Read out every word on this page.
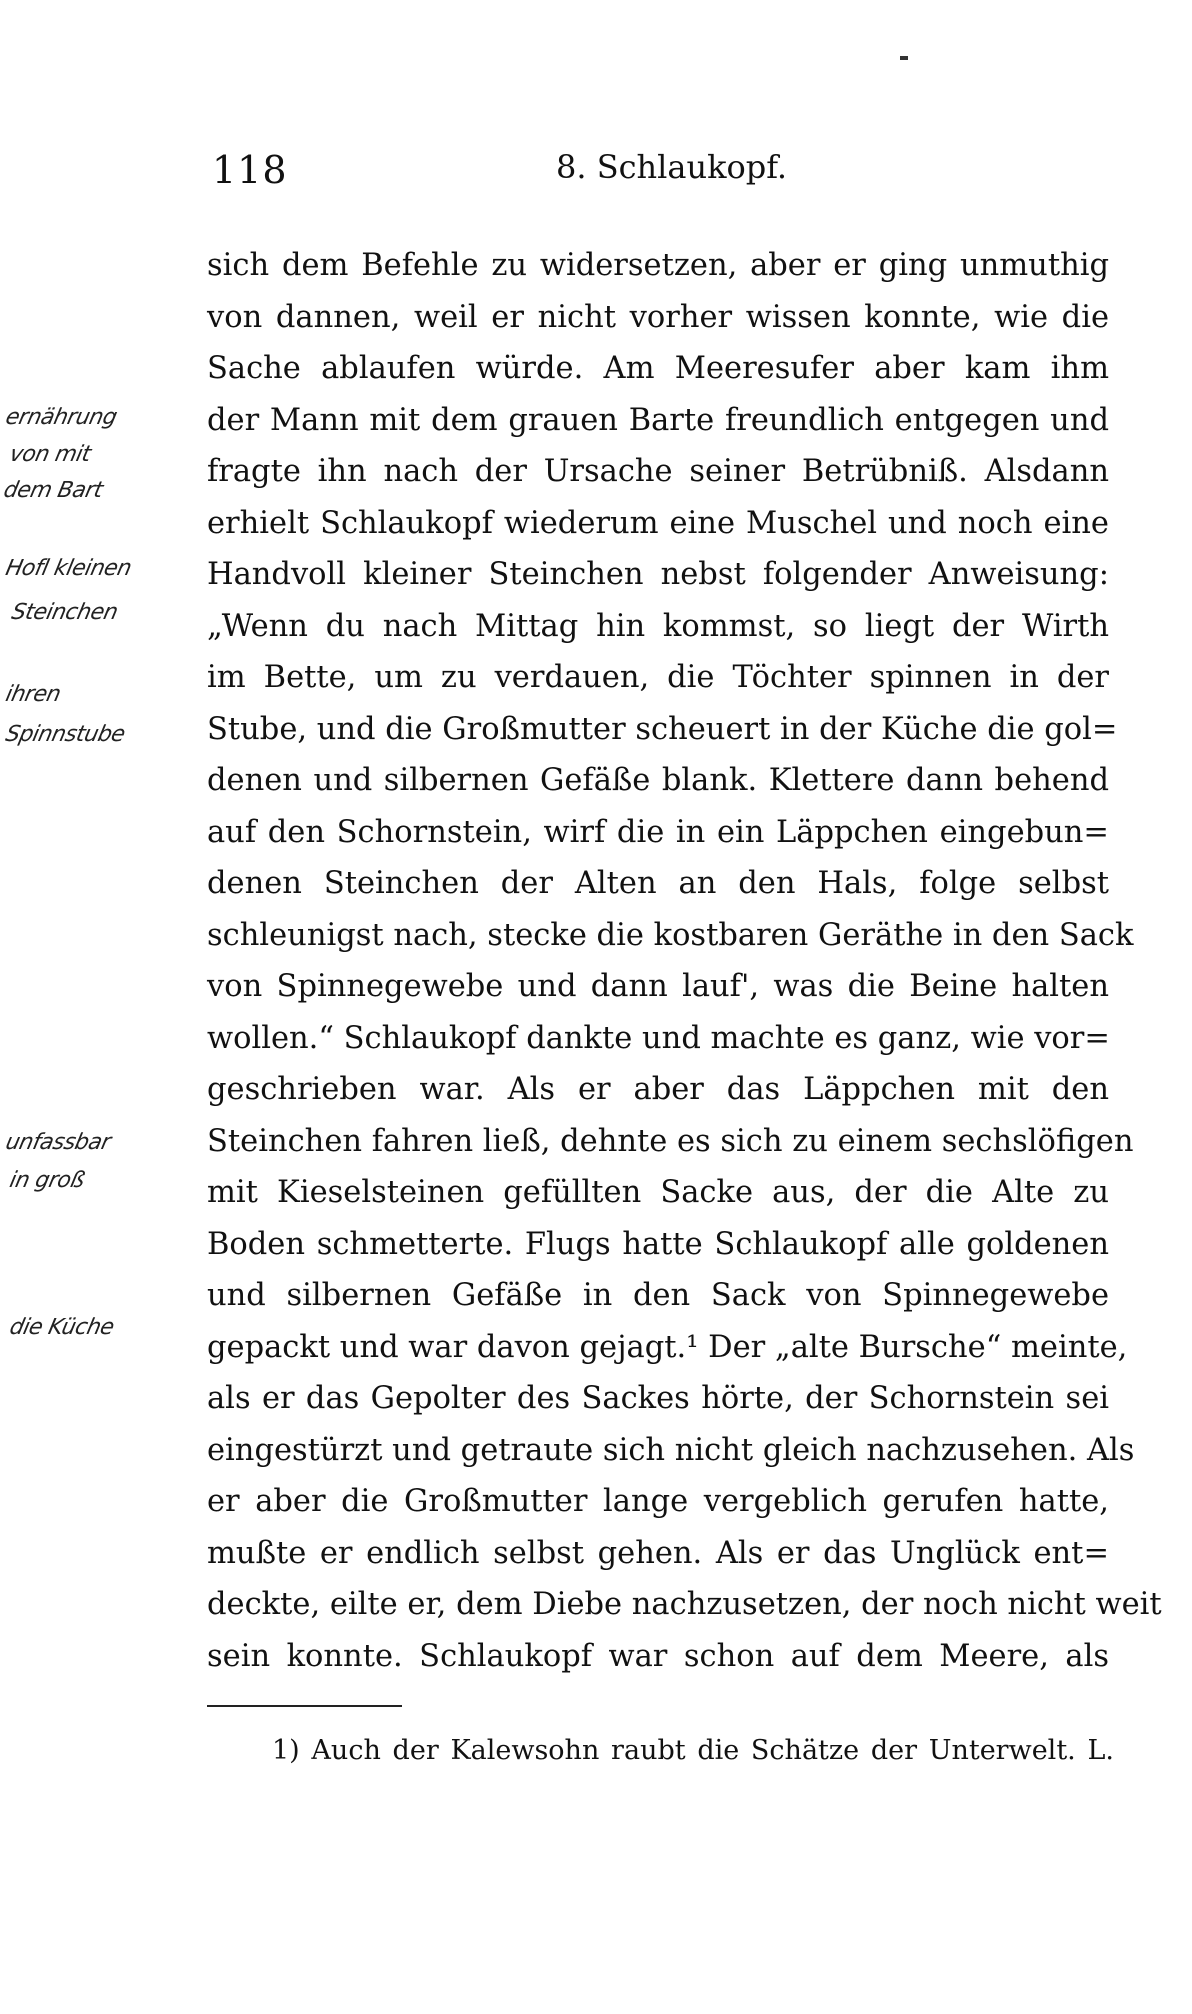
118	8. Schlaukopf.
sich dem Befehle zu widersetzen, aber er ging unmuthig
von dannen, weil er nicht vorher wissen konnte, wie die
Sache ablaufen würde. Am Meeresufer aber kam ihm
der Mann mit dem grauen Barte freundlich entgegen und
fragte ihn nach der Ursache seiner Betrübniß. Alsdann
erhielt Schlaukopf wiederum eine Muschel und noch eine
Handvoll kleiner Steinchen nebst folgender Anweisung:
„Wenn du nach Mittag hin kommst, so liegt der Wirth
im Bette, um zu verdauen, die Töchter spinnen in der
Stube, und die Großmutter scheuert in der Küche die gol=
denen und silbernen Gefäße blank. Klettere dann behend
auf den Schornstein, wirf die in ein Läppchen eingebun=
denen Steinchen der Alten an den Hals, folge selbst
schleunigst nach, stecke die kostbaren Geräthe in den Sack
von Spinnegewebe und dann lauf', was die Beine halten
wollen.“ Schlaukopf dankte und machte es ganz, wie vor=
geschrieben war. Als er aber das Läppchen mit den
Steinchen fahren ließ, dehnte es sich zu einem sechslöfigen
mit Kieselsteinen gefüllten Sacke aus, der die Alte zu
Boden schmetterte. Flugs hatte Schlaukopf alle goldenen
und silbernen Gefäße in den Sack von Spinnegewebe
gepackt und war davon gejagt.¹ Der „alte Bursche“ meinte,
als er das Gepolter des Sackes hörte, der Schornstein sei
eingestürzt und getraute sich nicht gleich nachzusehen. Als
er aber die Großmutter lange vergeblich gerufen hatte,
mußte er endlich selbst gehen. Als er das Unglück ent=
deckte, eilte er, dem Diebe nachzusetzen, der noch nicht weit
sein konnte. Schlaukopf war schon auf dem Meere, als
1) Auch der Kalewsohn raubt die Schätze der Unterwelt. L.
ernährung
von mit
dem Bart
Hofl kleinen
Steinchen
ihren
Spinnstube
unfassbar
in groß
die Küche
